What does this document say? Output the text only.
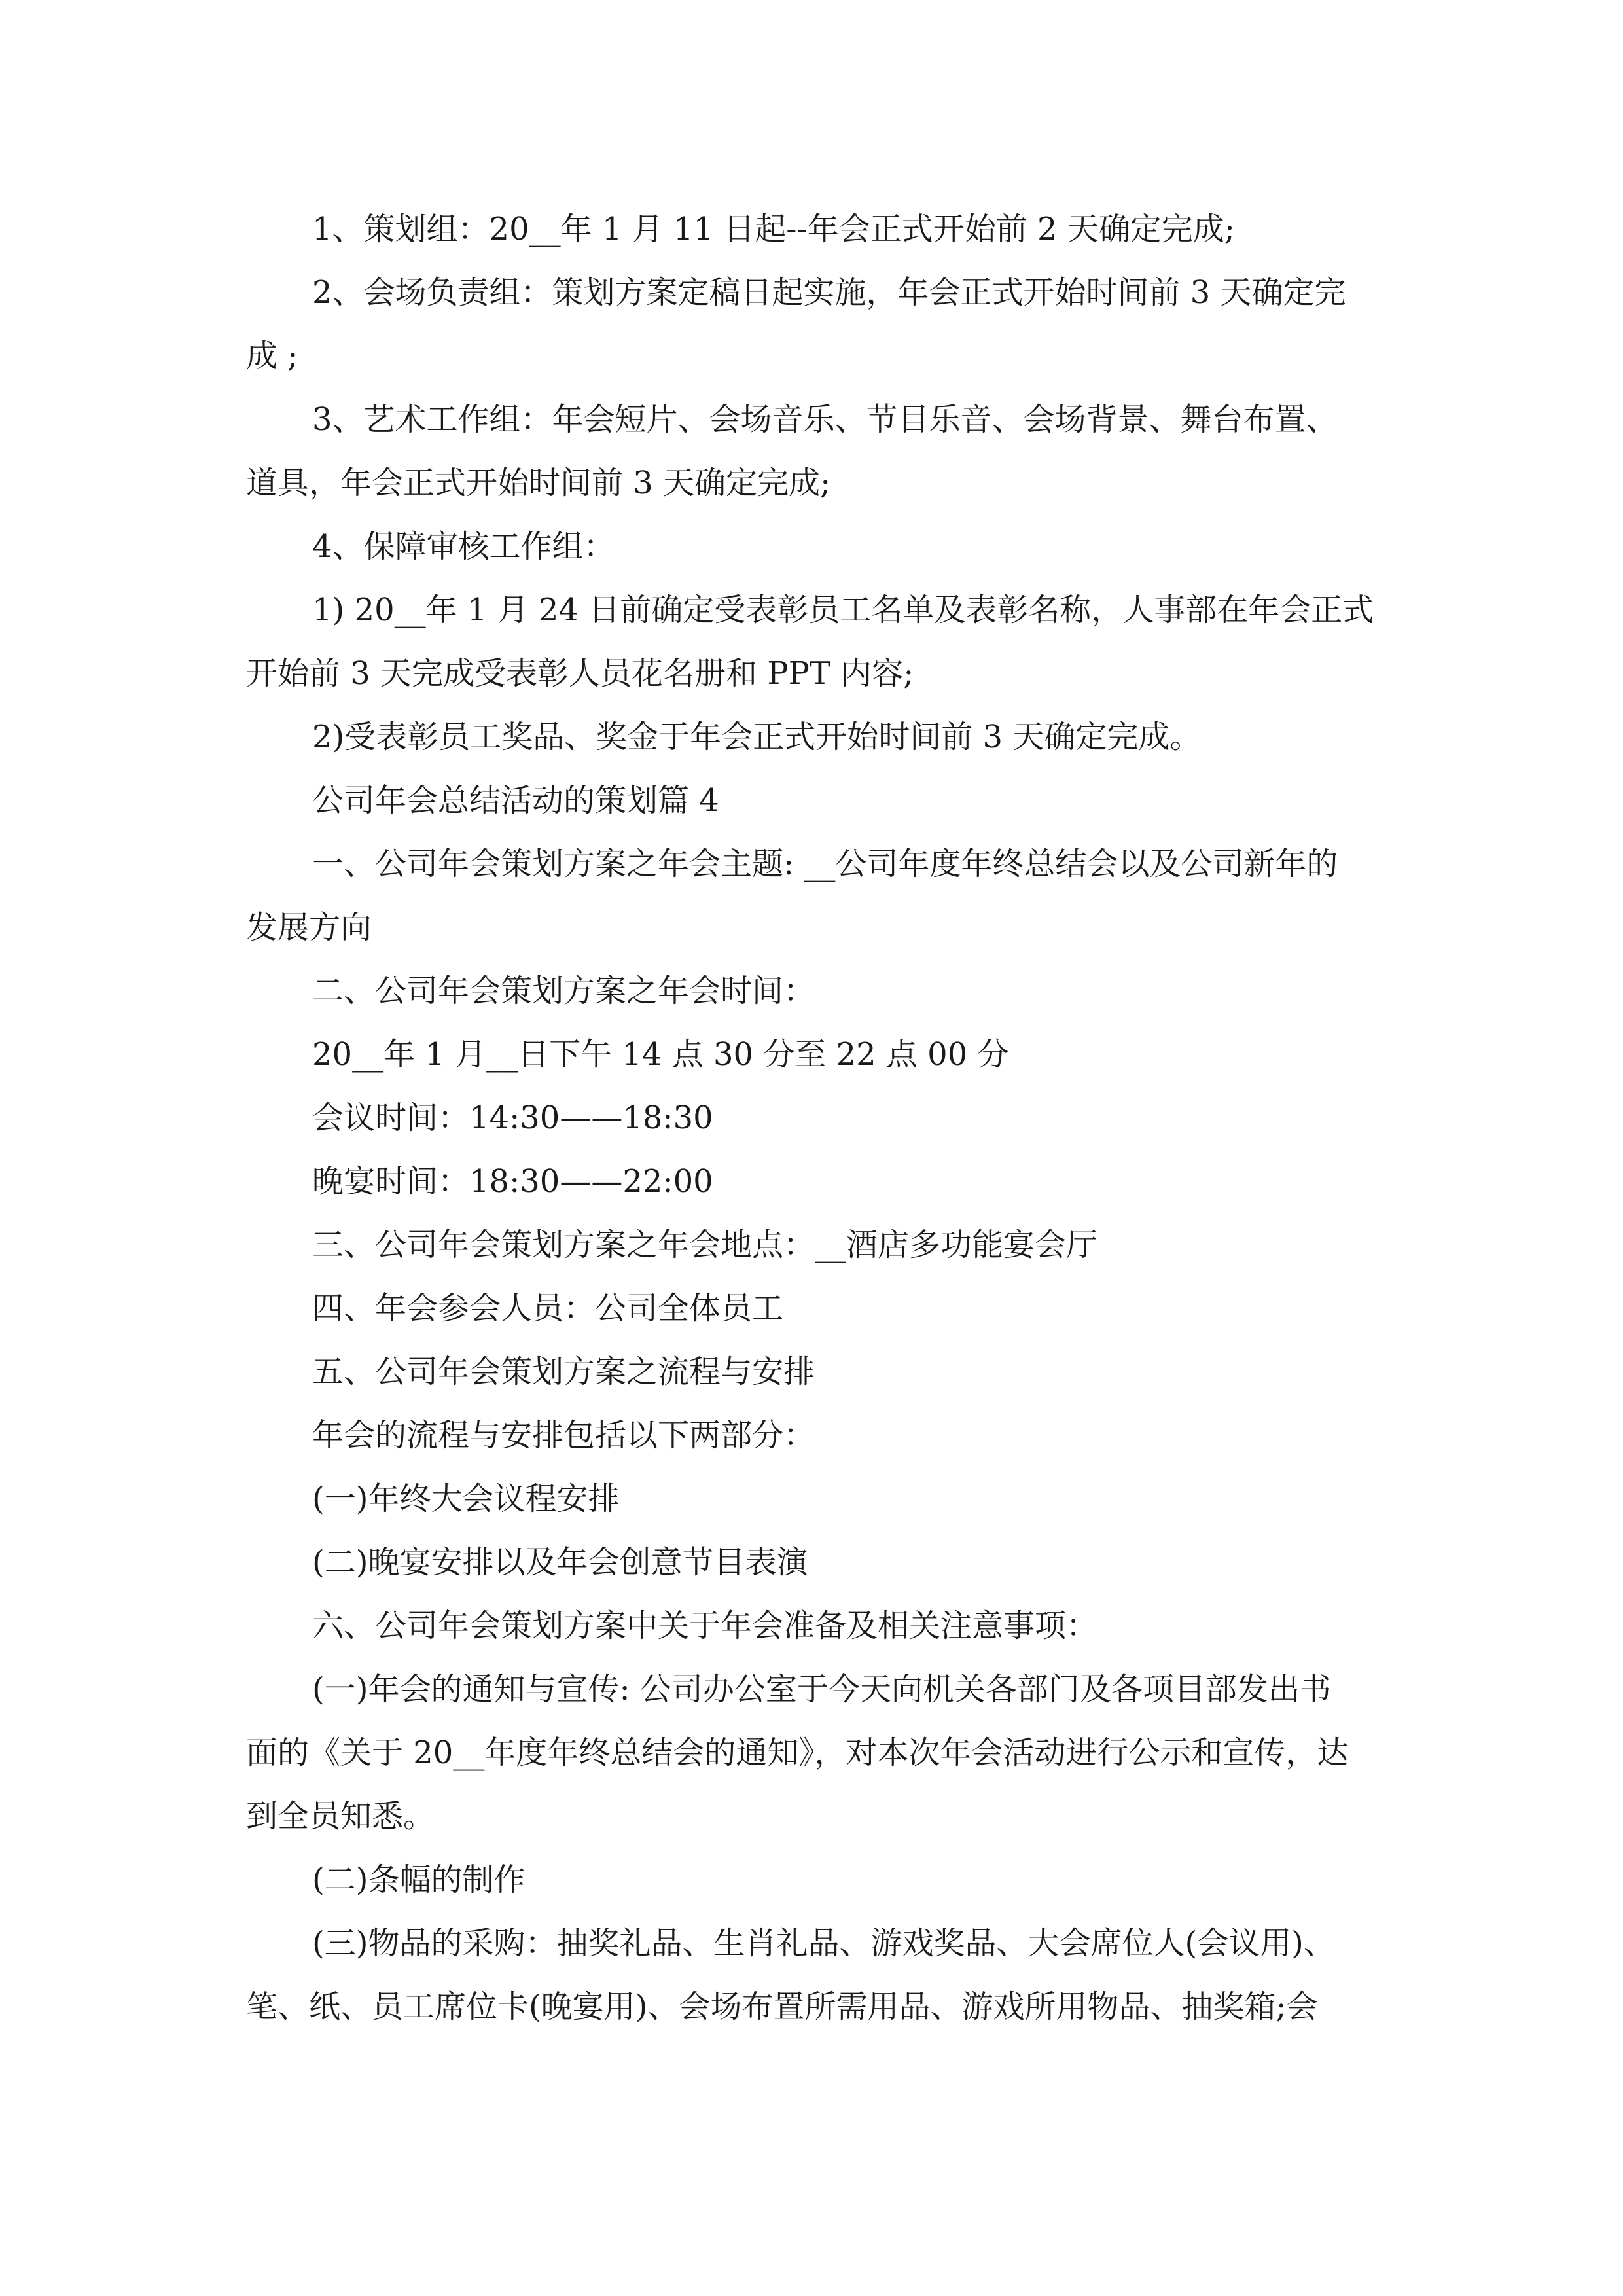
1、策划组：20__年 1 月 11 日起--年会正式开始前 2 天确定完成;
2、会场负责组：策划方案定稿日起实施，年会正式开始时间前 3 天确定完
成 ;
3、艺术工作组：年会短片、会场音乐、节目乐音、会场背景、舞台布置、
道具，年会正式开始时间前 3 天确定完成;
4、保障审核工作组：
1) 20__年 1 月 24 日前确定受表彰员工名单及表彰名称，人事部在年会正式
开始前 3 天完成受表彰人员花名册和 PPT 内容;
2)受表彰员工奖品、奖金于年会正式开始时间前 3 天确定完成。
公司年会总结活动的策划篇 4
一、公司年会策划方案之年会主题: __公司年度年终总结会以及公司新年的
发展方向
二、公司年会策划方案之年会时间：
20__年 1 月__日下午 14 点 30 分至 22 点 00 分
会议时间：14:30——18:30
晚宴时间：18:30——22:00
三、公司年会策划方案之年会地点：__酒店多功能宴会厅
四、年会参会人员：公司全体员工
五、公司年会策划方案之流程与安排
年会的流程与安排包括以下两部分：
(一)年终大会议程安排
(二)晚宴安排以及年会创意节目表演
六、公司年会策划方案中关于年会准备及相关注意事项：
(一)年会的通知与宣传: 公司办公室于今天向机关各部门及各项目部发出书
面的《关于 20__年度年终总结会的通知》，对本次年会活动进行公示和宣传，达
到全员知悉。
(二)条幅的制作
(三)物品的采购：抽奖礼品、生肖礼品、游戏奖品、大会席位人(会议用)、
笔、纸、员工席位卡(晚宴用)、会场布置所需用品、游戏所用物品、抽奖箱;会
